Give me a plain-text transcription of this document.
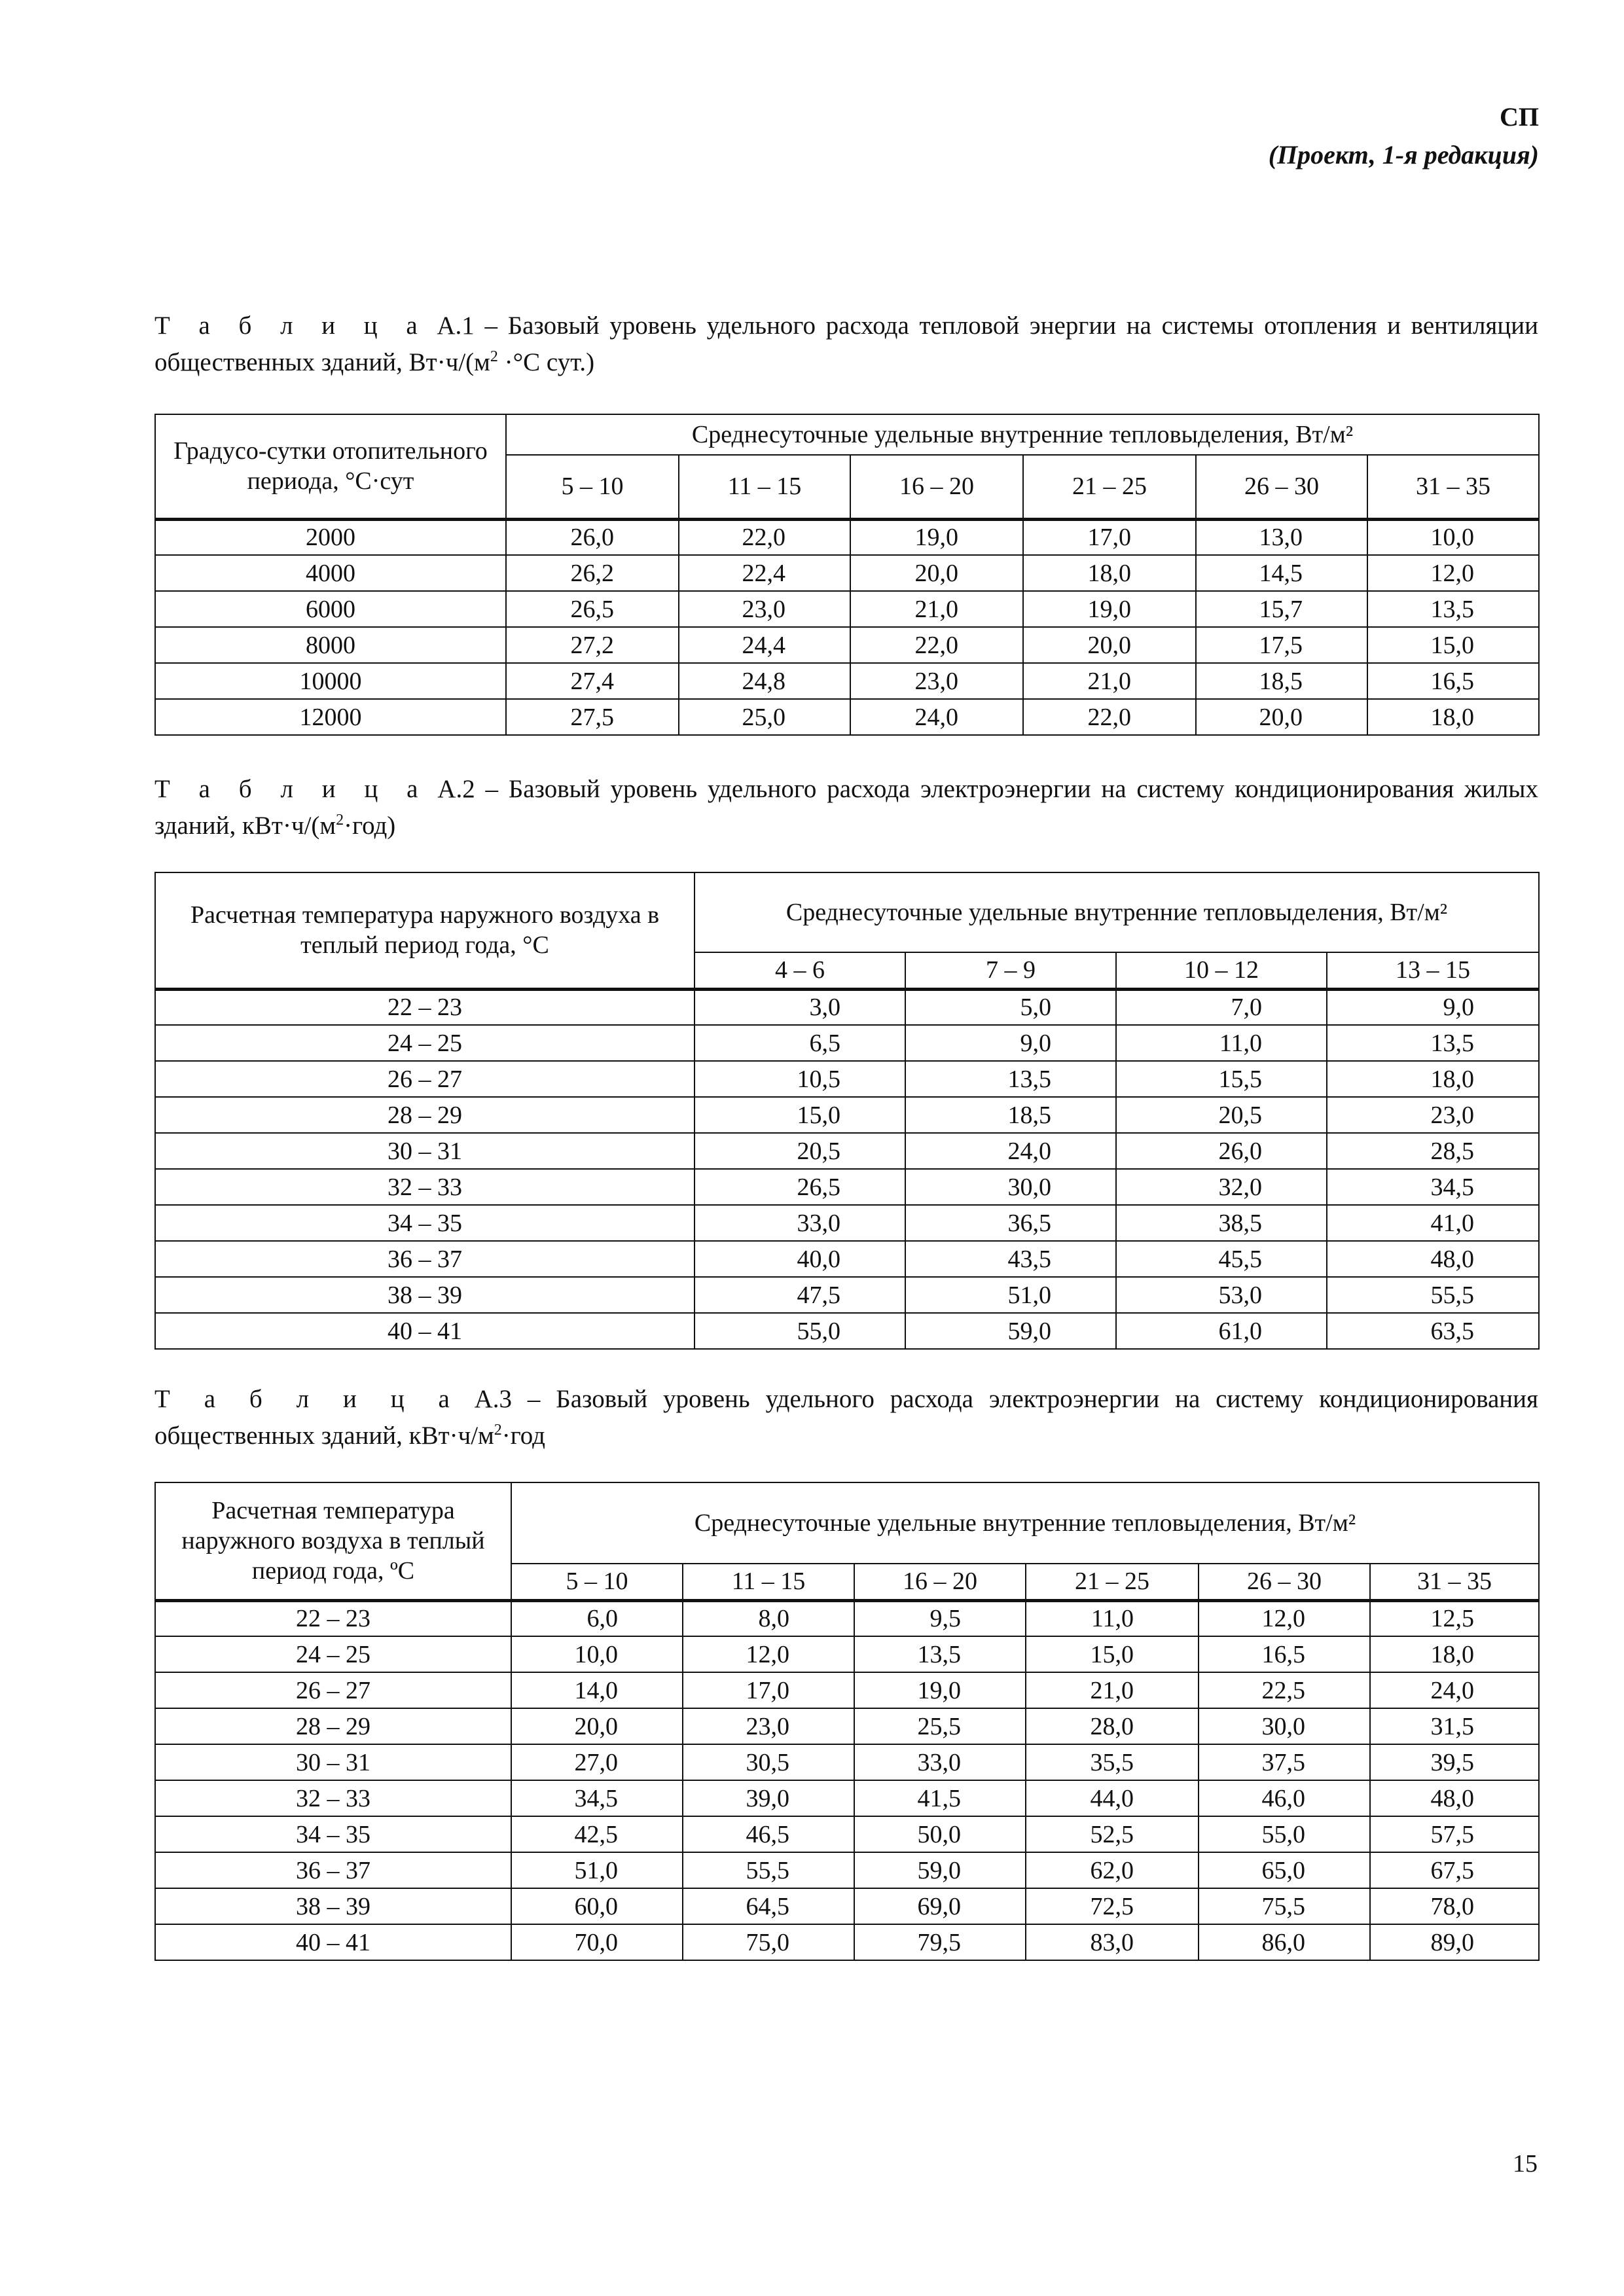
СП
(Проект, 1-я редакция)
Т а б л и ц а А.1 – Базовый уровень удельного расхода тепловой энергии на системы отопления и вентиляции общественных зданий, $Вт\cdot ч/(м^2 \cdot^\circ С$ сут.)
Градусо-сутки отопительного периода, °С·сут	Среднесуточные удельные внутренние тепловыделения, Вт/м²					
	5 – 10	11 – 15	16 – 20	21 – 25	26 – 30	31 – 35
2000	26,0	22,0	19,0	17,0	13,0	10,0
4000	26,2	22,4	20,0	18,0	14,5	12,0
6000	26,5	23,0	21,0	19,0	15,7	13,5
8000	27,2	24,4	22,0	20,0	17,5	15,0
10000	27,4	24,8	23,0	21,0	18,5	16,5
12000	27,5	25,0	24,0	22,0	20,0	18,0
Т а б л и ц а А.2 – Базовый уровень удельного расхода электроэнергии на систему кондиционирования жилых зданий, $кВт\cdot ч/(м^2\cdot год)$
Расчетная температура наружного воздуха в теплый период года, °С	Среднесуточные удельные внутренние тепловыделения, Вт/м²			
	4 – 6	7 – 9	10 – 12	13 – 15
22 – 23	3,0	5,0	7,0	9,0
24 – 25	6,5	9,0	11,0	13,5
26 – 27	10,5	13,5	15,5	18,0
28 – 29	15,0	18,5	20,5	23,0
30 – 31	20,5	24,0	26,0	28,5
32 – 33	26,5	30,0	32,0	34,5
34 – 35	33,0	36,5	38,5	41,0
36 – 37	40,0	43,5	45,5	48,0
38 – 39	47,5	51,0	53,0	55,5
40 – 41	55,0	59,0	61,0	63,5
Т а б л и ц а А.3 – Базовый уровень удельного расхода электроэнергии на систему кондиционирования общественных зданий, $кВт\cdot ч/м^2\cdot год$
Расчетная температура наружного воздуха в теплый период года, ºС	Среднесуточные удельные внутренние тепловыделения, Вт/м²					
	5 – 10	11 – 15	16 – 20	21 – 25	26 – 30	31 – 35
22 – 23	6,0	8,0	9,5	11,0	12,0	12,5
24 – 25	10,0	12,0	13,5	15,0	16,5	18,0
26 – 27	14,0	17,0	19,0	21,0	22,5	24,0
28 – 29	20,0	23,0	25,5	28,0	30,0	31,5
30 – 31	27,0	30,5	33,0	35,5	37,5	39,5
32 – 33	34,5	39,0	41,5	44,0	46,0	48,0
34 – 35	42,5	46,5	50,0	52,5	55,0	57,5
36 – 37	51,0	55,5	59,0	62,0	65,0	67,5
38 – 39	60,0	64,5	69,0	72,5	75,5	78,0
40 – 41	70,0	75,0	79,5	83,0	86,0	89,0
15
